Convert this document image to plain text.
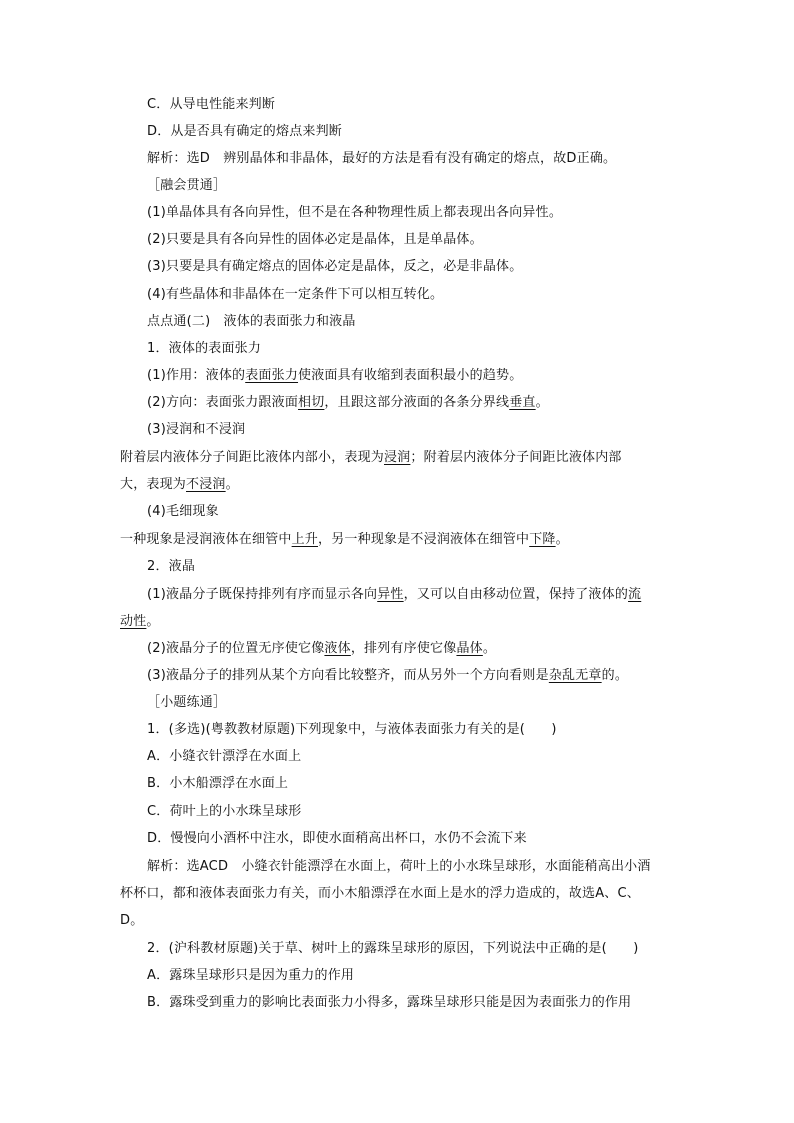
C．从导电性能来判断

D．从是否具有确定的熔点来判断

解析：选D　辨别晶体和非晶体，最好的方法是看有没有确定的熔点，故D正确。

［融会贯通］

(1)单晶体具有各向异性，但不是在各种物理性质上都表现出各向异性。

(2)只要是具有各向异性的固体必定是晶体，且是单晶体。

(3)只要是具有确定熔点的固体必定是晶体，反之，必是非晶体。

(4)有些晶体和非晶体在一定条件下可以相互转化。

点点通(二)　液体的表面张力和液晶

1．液体的表面张力

(1)作用：液体的表面张力使液面具有收缩到表面积最小的趋势。

(2)方向：表面张力跟液面相切，且跟这部分液面的各条分界线垂直。

(3)浸润和不浸润

附着层内液体分子间距比液体内部小，表现为浸润；附着层内液体分子间距比液体内部

大，表现为不浸润。

(4)毛细现象

一种现象是浸润液体在细管中上升，另一种现象是不浸润液体在细管中下降。

2．液晶

(1)液晶分子既保持排列有序而显示各向异性，又可以自由移动位置，保持了液体的流

动性。

(2)液晶分子的位置无序使它像液体，排列有序使它像晶体。

(3)液晶分子的排列从某个方向看比较整齐，而从另外一个方向看则是杂乱无章的。

［小题练通］

1．(多选)(粤教教材原题)下列现象中，与液体表面张力有关的是(　　)

A．小缝衣针漂浮在水面上

B．小木船漂浮在水面上

C．荷叶上的小水珠呈球形

D．慢慢向小酒杯中注水，即使水面稍高出杯口，水仍不会流下来

解析：选ACD　小缝衣针能漂浮在水面上，荷叶上的小水珠呈球形，水面能稍高出小酒

杯杯口，都和液体表面张力有关，而小木船漂浮在水面上是水的浮力造成的，故选A、C、

D。

2．(沪科教材原题)关于草、树叶上的露珠呈球形的原因，下列说法中正确的是(　　)

A．露珠呈球形只是因为重力的作用

B．露珠受到重力的影响比表面张力小得多，露珠呈球形只能是因为表面张力的作用
